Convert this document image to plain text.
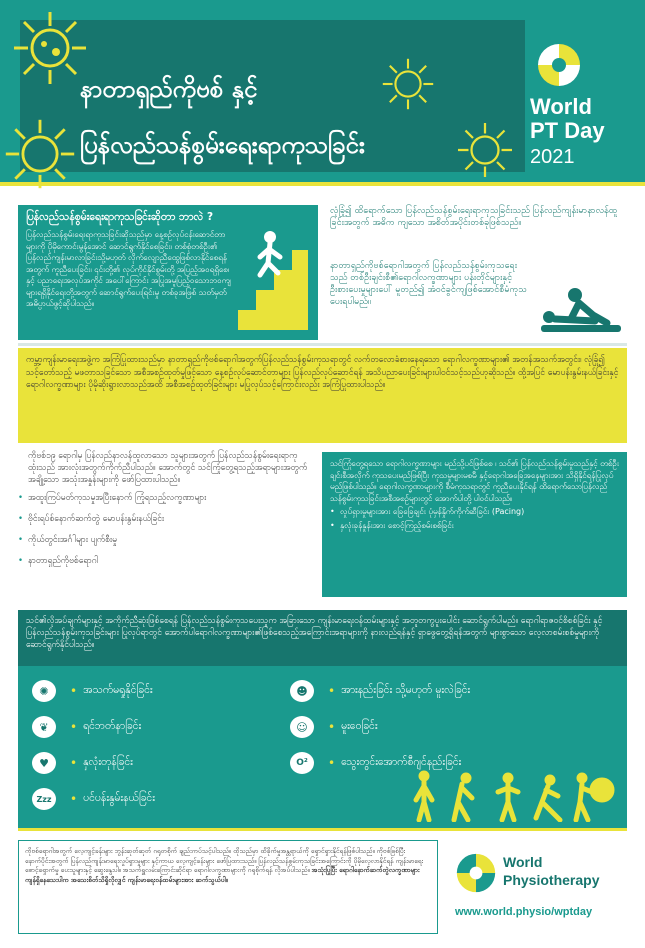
နာတာရှည်ကိုဗစ် နှင့်
ပြန်လည်သန်စွမ်းရေးရာကုသခြင်း
World
PT Day
2021
ပြန်လည်သန်စွမ်းရေးရာကုသခြင်းဆိုတာ ဘာလဲ ?
ပြန်လည်သန်စွမ်းရေးရာကုသခြင်းဆိုသည်မှာ နေ့စဉ်လုပ်ငန်းဆောင်တာများကို ပိုမိုကောင်းမွန်အောင် ဆောင်ရွက်နိုင်စေခြင်း၊ တစ်စုံတစ်ဦး၏ ပြန်လည်ကျန်းမာလာခြင်းသို့မဟုတ် လိုက်လျောညီထွေဖြစ်လာနိုင်စေရန်အတွက် ကူညီပေးခြင်း၊ ၎င်းတို့၏ လုပ်ကိုင်နိုင်စွမ်းတို့ အပြည့်အဝရရှိစေ၊ နှင့် ပညာရေးအလုပ်အကိုင် အပေါ်ကြောင်း အပြုအမူပြည့်ဝသောဘဝကျများရရှိနိုင်ရေးတို့အတွက် ဆောင်ရွက်ပေးရြင်းမှု တစ်ခုအဖြစ် သတ်မှတ်အဓိပ္ပာယ်ဖွင့်ဆိုပါသည်။
လုံခြုံ၍ ထိရောက်သော ပြန်လည်သန်စွမ်းရေးရာကုသခြင်းသည် ပြန်လည်ကျန်းမာနာလန်ထူခြင်းအတွက် အဓိက ကျသော အစိတ်အပိုင်းတစ်ခုဖြစ်သည်။
နာတာရှည်ကိုဗစ်ရောဂါအတွက် ပြန်လည်သန်စွမ်းကုသရေးသည် တစ်ဦးချင်းစီ၏ရောဂါလက္ခဏာများ ပန်းတိုင်များနှင့် ဦးစားပေးမှုများပေါ် မူတည်၍ အံဝင်ခွင်ကျဖြစ်အောင်စီမံကုသပေးရပါမည်။
ကမ္ဘာ့ကျန်းမာရေးအဖွဲ့က အကြံပြုထားသည်မှာ နာတာရှည်ကိုဗစ်ရောဂါအတွက်ပြန်လည်သန်စွမ်းကုသရာတွင် လက်တလောခံစားနေရသော ရောဂါလက္ခဏာများ၏ အတန်အသက်အတွင်း၊ လုံခြုံ၍ သင့်တော်သည့် မဖတာသခြင်သော အစီအစဉ်ထုတ်မှုဖြင့်သော နေ့စဉ်လုပ်ဆောင်တာများ ပြန်လည်လုပ်ဆောင်ရန် အသိပညာပေးခြင်းများပါဝင်သင့်သည်ဟုဆိုသည်။ ထို့အပြင် မောပန်းနွမ်းနယ်ခြင်းနှင့် ရောဂါလက္ခဏာများ ပိုမိုဆိုးရွားလာသည်အထိ အစီအစဉ်ထုတ်ခြင်းများ မပြုလုပ်သင့်ကြောင်းလည်း အကြံပြုထားပါသည်။
ကိုဗစ်၁၉ ရောဂါမှ ပြန်လည်နာလန်ထူလာသော သူများအတွက် ပြန်လည်သန်စွမ်းရေးရာကုထုံးသည် အားလုံးအတွက်ကိုက်ညီပါသည်။ အောက်တွင် သင်ကြုံတွေ့ရသည့်အရာများအတွက် အချို့သော အသုံးအနှုန်းများကို ဖော်ပြထားပါသည်။
• အထူးကြပ်မတ်ကုသမှုအပြီးနောက် ကြုံရသည့်လက္ခဏာများ
• ဗိုင်းရပ်စ်နောက်ဆက်တွဲ မောပန်းနွမ်းနယ်ခြင်း
• ကိုယ်တွင်းအင်္ဂါများ ပျက်စီးမှု
• နာတာရှည်ကိုဗစ်ရောဂါ
သင်ကြုံတွေ့ရသော ရောဂါလက္ခဏာများ မည်သို့ပင်ဖြစ်စေ ၊ သင်၏ ပြန်လည်သန်စွမ်းမှုသည်နှင့် တစ်ဦးချင်းစီအလိုက် ကုသပေးမည်ဖြစ်ပြီး ကုသမှုများမစမီ နှင့်ရောဂါအခြေအနေများအား သိရှိနိုင်ရန်ပြုလုပ်မည်ဖြစ်ပါသည်။ ရောဂါလက္ခဏာများကို စီမံကုသရာတွင် ကူညီပေးနိုင်ရန် ထိရောက်သောပြန်လည်သန်စွမ်းကုသခြင်းအစီအစဉ်များတွင် အောက်ပါတို့ ပါဝင်ပါသည်။
• လှုပ်ရှားမှုများအား ခြေခြေချင်း ပုံမှန်နှိုက်ကိုက်ဆီခြင်း (Pacing)
• နှလုံးခုန်နှုန်းအား စောင့်ကြည့်စမ်းစစ်ခြင်း
သင်၏လိုအပ်ချက်များနှင့် အကိုက်ညီဆုံးဖြစ်စေရန် ပြန်လည်သန်စွမ်းကုသပေးသူက အခြားသော ကျန်းမာရေးဝန်ထမ်းများနှင့် အတူတကွပူးပေါင်း ဆောင်ရွက်ပါမည်။ ရောဂါရာဇဝင်စိစစ်ခြင်း နှင့် ပြန်လည်သန်စွမ်းကုသခြင်းများ ပြုလုပ်ရာတွင် အောက်ပါရောဂါလက္ခဏာများ၏ဖြစ်စေသည့်အကြောင်းအရာများကို နားလည်ရန်နှင့် ရှာဖွေတွေ့ရှိရန်အတွက် များစွာသော လေ့လာစမ်းစစ်မှုများကို ဆောင်ရွက်နိုင်ပါသည်။
✺	• အသက်မရှုနိုင်ခြင်း
❦	• ရင်ဘတ်နာခြင်း
♥	• နှလုံးတုန်ခြင်း
Zzz	• ပင်ပန်းနွမ်းနယ်ခြင်း
☻	• အားနည်းခြင်း သို့မဟုတ် မူးလဲခြင်း
☺	• မူးဝေခြင်း
O²	• သွေးတွင်းအောက်စီဂျင်နည်းခြင်း
ကိုဗစ်ရောဂါအတွက် လေ့ကျင့်ခန်းများ ဘွန်းဆုတ်ဆုတ် ဂရုတစိုက် ချည်းကပ်သင့်ပါသည်။ ထိုသည်မှာ ထိခိုက်မှုအန္တရာယ်ကို ရှောင်ရှားနိုင်ရန်ဖြစ်ပါသည်။ ကိုဗစ်ဖြစ်ပြီး နောက်ပိုင်းအတွက် ပြန်လည်ကျန်းမာရေးလှုပ်ရှားမှုများ နှင့်ကာယ လေ့ကျင့်ခန်းများ ဖော်ပြထားသည်။ ပြန်လည်သန်စွမ်းကုသခြင်းအကြောင်းကို ပိုမိုလေ့လာနိုင်ရန် ကျန်းမာရေးစောင့်ရှောက်မှု ပေးသူများနှင့် ဆွေးနွေးပါ။ အသက်ရှူလမ်းကြောင်းဆိုင်ရာ ရောဂါလက္ခဏာများကို ဂရုစိုက်ရန် လိုအပ်ပါသည်။ အသုံးပြုပြီး ရောဂါနောက်ဆက်တွဲလက္ခဏာများ ကျန်ရှိနေသေးပါက အသေးစိတ်သိရှိလိုလျှင် ကျန်းမာရေးဝန်ထမ်းများအား ဆက်သွယ်ပါ။
World
Physiotherapy
www.world.physio/wptday
